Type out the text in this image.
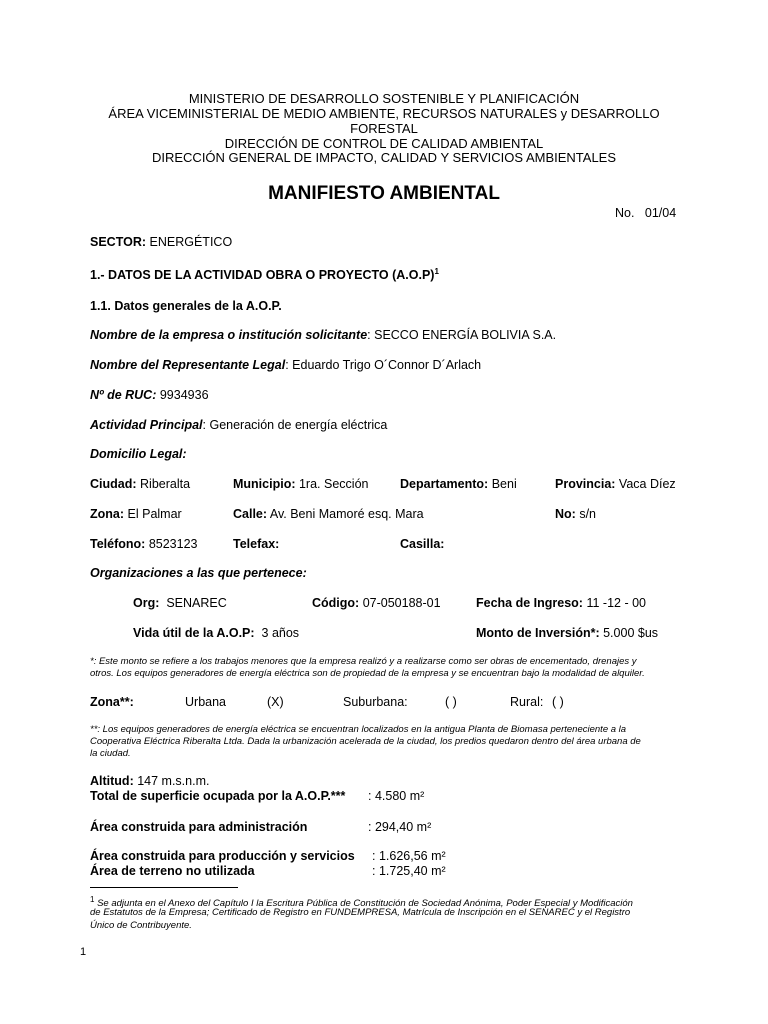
MINISTERIO DE DESARROLLO SOSTENIBLE Y PLANIFICACIÓN
ÁREA VICEMINISTERIAL DE MEDIO AMBIENTE, RECURSOS NATURALES y DESARROLLO
FORESTAL
DIRECCIÓN DE CONTROL DE CALIDAD AMBIENTAL
DIRECCIÓN GENERAL DE IMPACTO, CALIDAD Y SERVICIOS AMBIENTALES
MANIFIESTO AMBIENTAL
No. 01/04
SECTOR: ENERGÉTICO
1.- DATOS DE LA ACTIVIDAD OBRA O PROYECTO $(A.O.P)^1$
1.1. Datos generales de la A.O.P.
Nombre de la empresa o institución solicitante: SECCO ENERGÍA BOLIVIA S.A.
Nombre del Representante Legal: Eduardo Trigo O´Connor D´Arlach
Nº de RUC: 9934936
Actividad Principal: Generación de energía eléctrica
Domicilio Legal:
Ciudad: Riberalta	Municipio: 1ra. Sección	Departamento: Beni	Provincia: Vaca Díez
Zona: El Palmar	Calle: Av. Beni Mamoré esq. Mara	No: s/n
Teléfono: 8523123	Telefax:	Casilla:
Organizaciones a las que pertenece:
Org: SENAREC	Código: 07-050188-01	Fecha de Ingreso: 11 -12 - 00
Vida útil de la A.O.P: 3 años	Monto de Inversión*: 5.000 $us
*: Este monto se refiere a los trabajos menores que la empresa realizó y a realizarse como ser obras de encementado, drenajes y
otros. Los equipos generadores de energía eléctrica son de propiedad de la empresa y se encuentran bajo la modalidad de alquiler.
Zona**:	Urbana	(X)	Suburbana:	( )	Rural: ( )
**: Los equipos generadores de energía eléctrica se encuentran localizados en la antigua Planta de Biomasa perteneciente a la
Cooperativa Eléctrica Riberalta Ltda. Dada la urbanización acelerada de la ciudad, los predios quedaron dentro del área urbana de
la ciudad.
Altitud: 147 m.s.n.m.
Total de superficie ocupada por la A.O.P.*** : 4.580 m²
Área construida para administración	: 294,40 m²
Área construida para producción y servicios : 1.626,56 m²
Área de terreno no utilizada	: 1.725,40 m²
$^1$ Se adjunta en el Anexo del Capítulo I la Escritura Pública de Constitución de Sociedad Anónima, Poder Especial y Modificación
de Estatutos de la Empresa; Certificado de Registro en FUNDEMPRESA, Matrícula de Inscripción en el SENAREC y el Registro
Único de Contribuyente.
1
